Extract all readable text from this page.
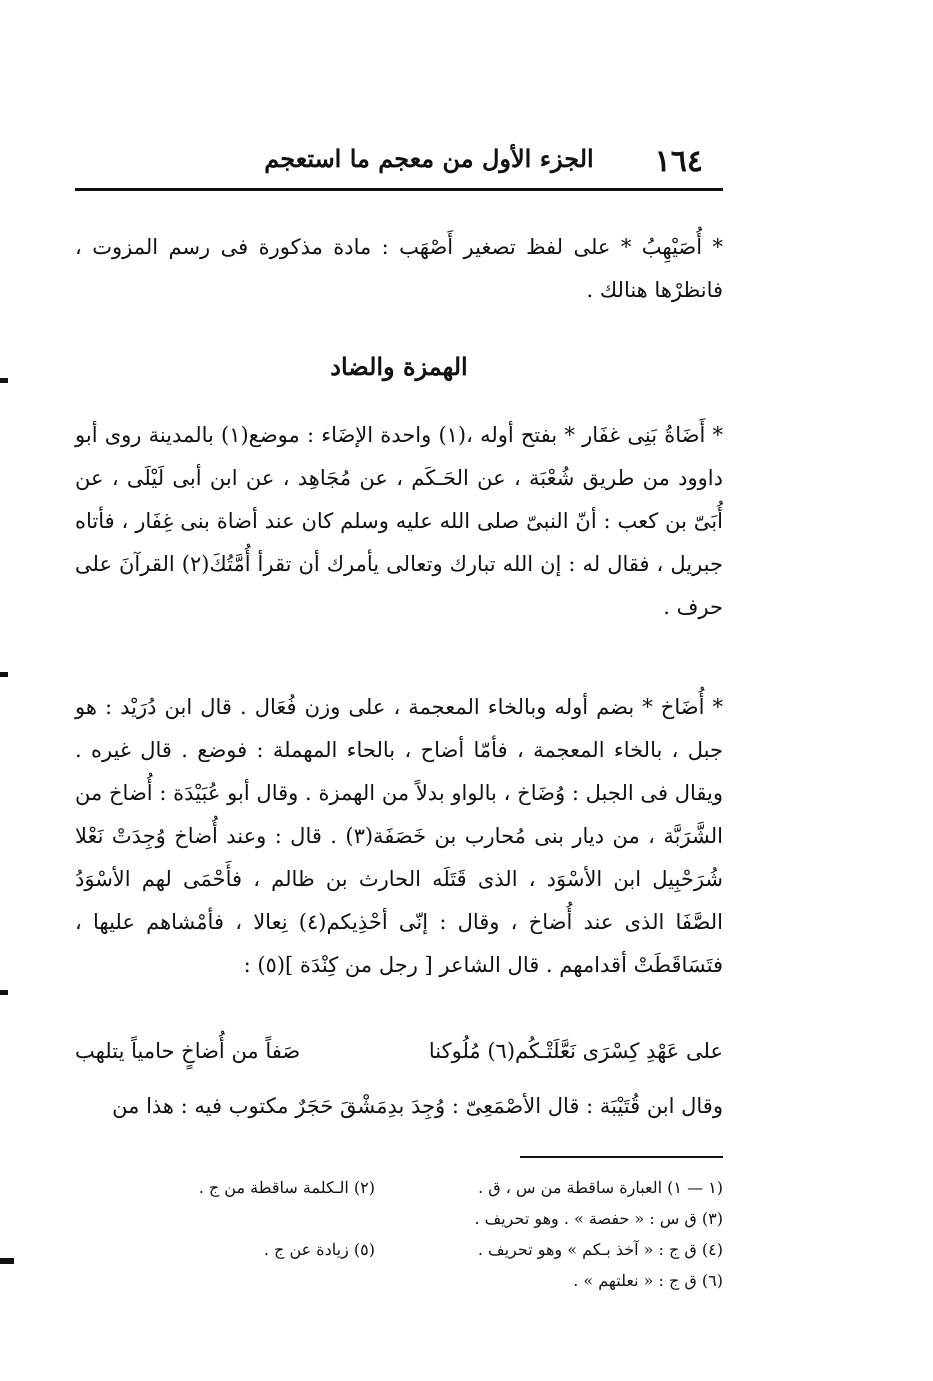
١٦٤
الجزء الأول من معجم ما استعجم

* أُصَيْهِبُ * على لفظ تصغير أَصْهَب : مادة مذكورة فى رسم المزوت ، فانظرْها هنالك .

الهمزة والضاد

* أَضَاةُ بَنِى غفَار * بفتح أوله ،(١) واحدة الإضَاء : موضع(١) بالمدينة روى أبو داوود من طريق شُعْبَة ، عن الحَـكَم ، عن مُجَاهِد ، عن ابن أبى لَيْلَى ، عن أُبَىّ بن كعب : أنّ النبىّ صلى الله عليه وسلم كان عند أضاة بنى غِفَار ، فأتاه جبريل ، فقال له : إن الله تبارك وتعالى يأمرك أن تقرأ أُمَّتُكَ(٢) القرآنَ على حرف .

* أُضَاخ * بضم أوله وبالخاء المعجمة ، على وزن فُعَال . قال ابن دُرَيْد : هو جبل ، بالخاء المعجمة ، فأمّا أضاح ، بالحاء المهملة : فوضع . قال غيره . ويقال فى الجبل : وُضَاخ ، بالواو بدلاً من الهمزة . وقال أبو عُبَيْدَة : أُضاخ من الشَّرَبَّة ، من ديار بنى مُحارب بن خَصَفَة(٣) . قال : وعند أُضاخ وُجِدَتْ نَعْلا شُرَحْبِيل ابن الأسْوَد ، الذى قَتَلَه الحارث بن ظالم ، فأَحْمَى لهم الأسْوَدُ الصَّفَا الذى عند أُضاخ ، وقال : إنّى أحْذِيكم(٤) نِعالا ، فأمْشاهم عليها ، فتَسَاقَطَتْ أقدامهم . قال الشاعر [ رجل من كِنْدَة ](٥) :

على عَهْدِ كِسْرَى نَعَّلَتْـكُم(٦) مُلُوكنا
صَفاً من أُضاخٍ حامياً يتلهب

وقال ابن قُتَيْبَة : قال الأصْمَعِىّ : وُجِدَ بدِمَشْقَ حَجَرٌ مكتوب فيه : هذا من

(١ — ١) العبارة ساقطة من س ، ق .
(٢) الـكلمة ساقطة من ج .
(٣) ق س : « حفصة » . وهو تحريف .
(٤) ق ج : « آخذ بـكم » وهو تحريف .
(٥) زيادة عن ج .
(٦) ق ج : « نعلتهم » .
